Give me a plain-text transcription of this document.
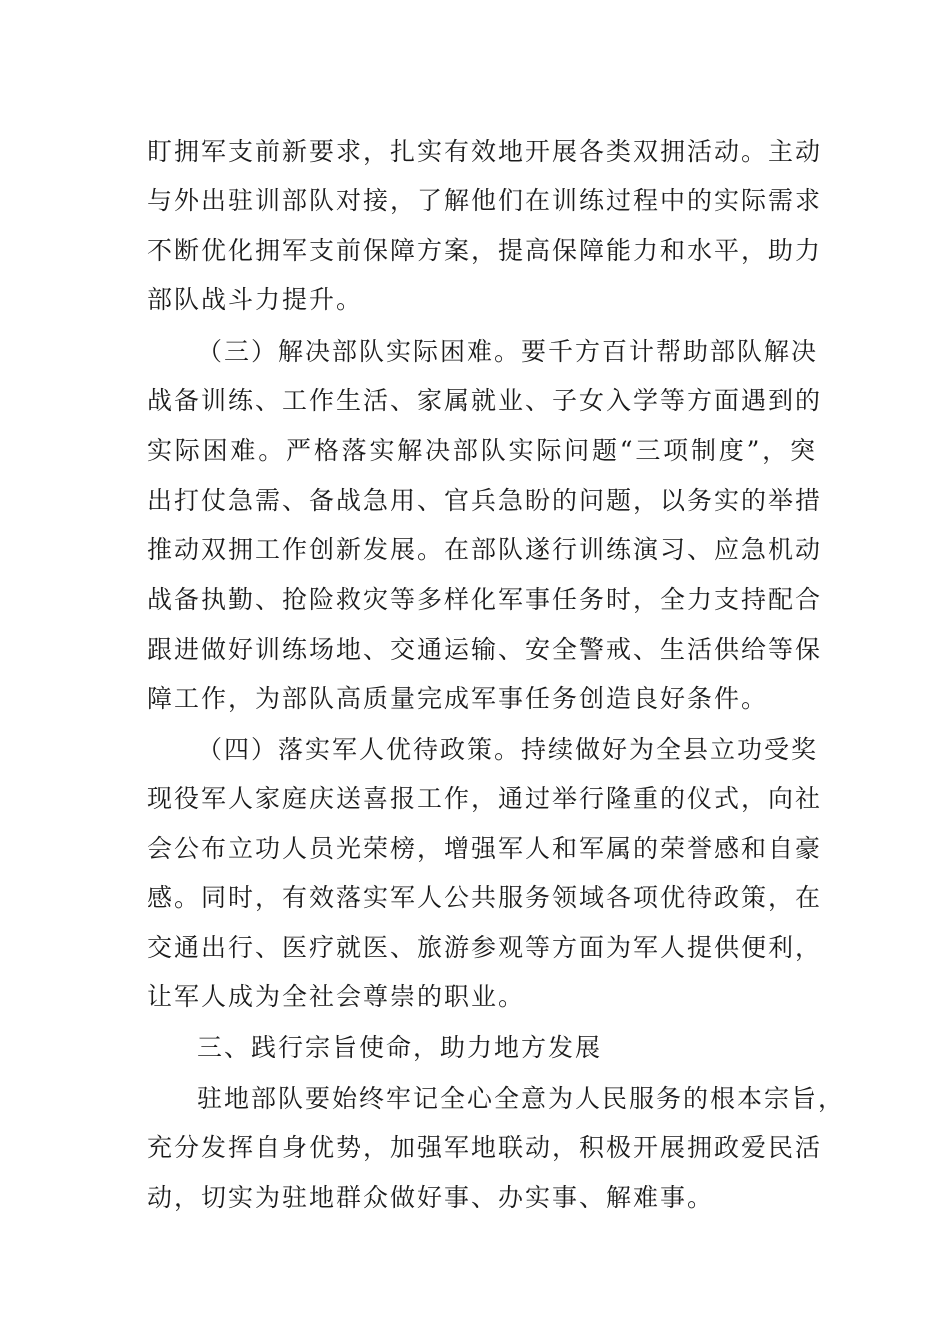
盯拥军支前新要求，扎实有效地开展各类双拥活动。主动
与外出驻训部队对接，了解他们在训练过程中的实际需求
不断优化拥军支前保障方案，提高保障能力和水平，助力
部队战斗力提升。
（三）解决部队实际困难。要千方百计帮助部队解决
战备训练、工作生活、家属就业、子女入学等方面遇到的
实际困难。严格落实解决部队实际问题“三项制度”，突
出打仗急需、备战急用、官兵急盼的问题，以务实的举措
推动双拥工作创新发展。在部队遂行训练演习、应急机动
战备执勤、抢险救灾等多样化军事任务时，全力支持配合
跟进做好训练场地、交通运输、安全警戒、生活供给等保
障工作，为部队高质量完成军事任务创造良好条件。
（四）落实军人优待政策。持续做好为全县立功受奖
现役军人家庭庆送喜报工作，通过举行隆重的仪式，向社
会公布立功人员光荣榜，增强军人和军属的荣誉感和自豪
感。同时，有效落实军人公共服务领域各项优待政策，在
交通出行、医疗就医、旅游参观等方面为军人提供便利，
让军人成为全社会尊崇的职业。
三、践行宗旨使命，助力地方发展
驻地部队要始终牢记全心全意为人民服务的根本宗旨，
充分发挥自身优势，加强军地联动，积极开展拥政爱民活
动，切实为驻地群众做好事、办实事、解难事。
